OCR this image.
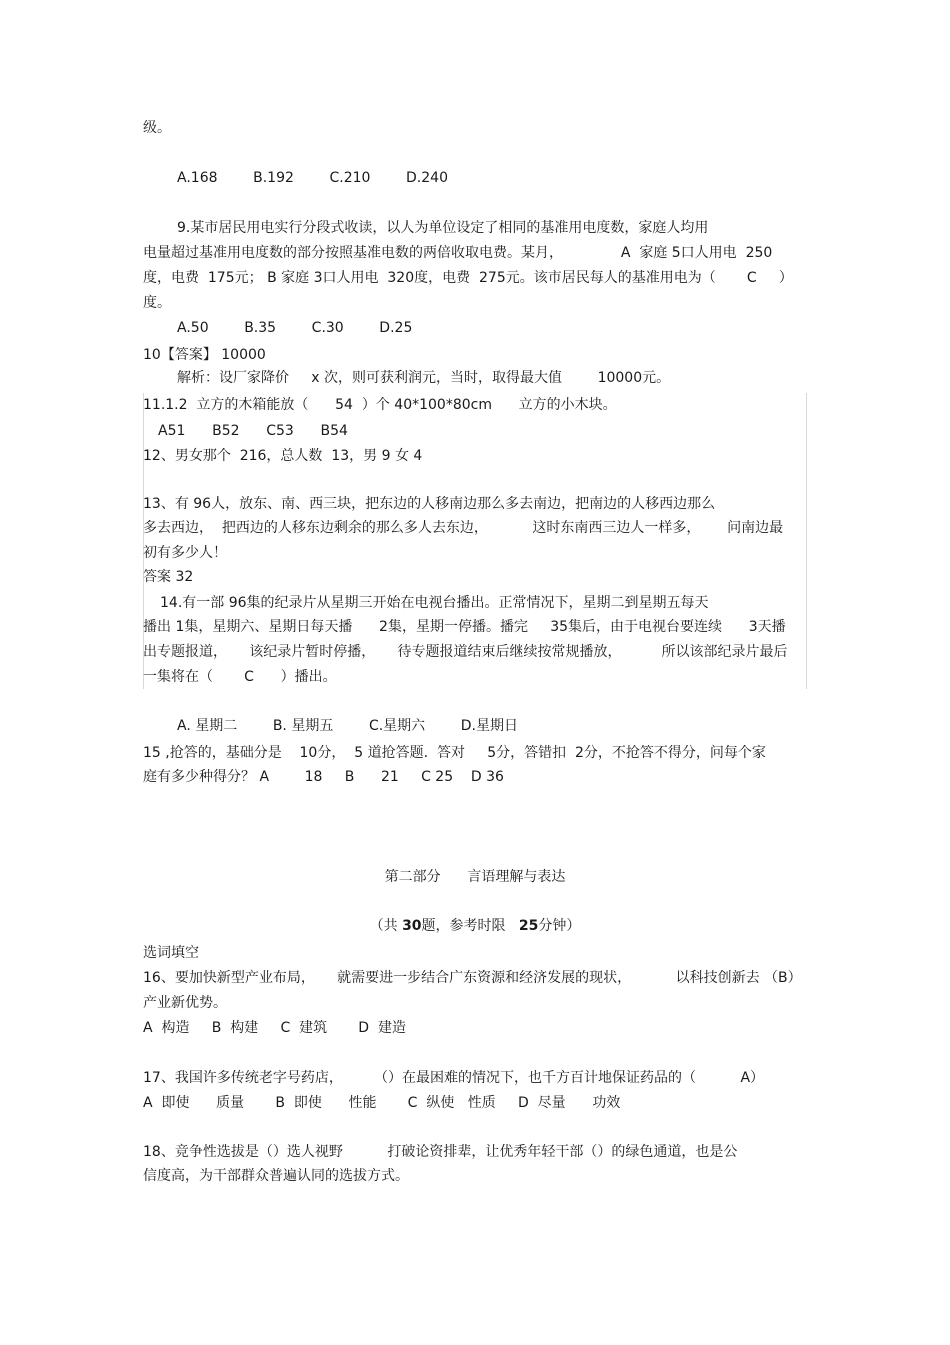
级。
A.168        B.192        C.210        D.240
9.某市居民用电实行分段式收读，以人为单位设定了相同的基准用电度数，家庭人均用
电量超过基准用电度数的部分按照基准电数的两倍收取电费。某月，             A  家庭 5口人用电  250
度，电费  175元； B 家庭 3口人用电  320度，电费  275元。该市居民每人的基准用电为（       C     ）
度。
A.50        B.35        C.30        D.25
10【答案】 10000
解析：设厂家降价     x 次，则可获利润元，当时，取得最大值        10000元。
11.1.2  立方的木箱能放（      54  ）个 40*100*80cm      立方的小木块。
A51      B52      C53      B54
12、男女那个  216，总人数  13，男 9 女 4
13、有 96人，放东、南、西三块，把东边的人移南边那么多去南边，把南边的人移西边那么
多去西边，  把西边的人移东边剩余的那么多人去东边，          这时东南西三边人一样多，      问南边最
初有多少人！
答案 32
14.有一部 96集的纪录片从星期三开始在电视台播出。正常情况下，星期二到星期五每天
播出 1集，星期六、星期日每天播      2集，星期一停播。播完     35集后，由于电视台要连续      3天播
出专题报道，     该纪录片暂时停播，     待专题报道结束后继续按常规播放，         所以该部纪录片最后
一集将在（       C      ）播出。
A. 星期二        B. 星期五        C.星期六        D.星期日
15 ,抢答的，基础分是    10分，  5 道抢答题.  答对     5分，答错扣  2分，不抢答不得分，问每个家
庭有多少种得分？ A        18     B      21     C 25    D 36
第二部分      言语理解与表达
（共 30题，参考时限   25分钟）
选词填空
16、要加快新型产业布局，     就需要进一步结合广东资源和经济发展的现状，          以科技创新去 （B）
产业新优势。
A  构造     B  构建     C  建筑       D  建造
17、我国许多传统老字号药店，       （）在最困难的情况下，也千方百计地保证药品的（          A）
A  即使      质量       B  即使      性能       C  纵使   性质     D  尽量      功效
18、竞争性选拔是（）选人视野          打破论资排辈，让优秀年轻干部（）的绿色通道，也是公
信度高，为干部群众普遍认同的选拔方式。
